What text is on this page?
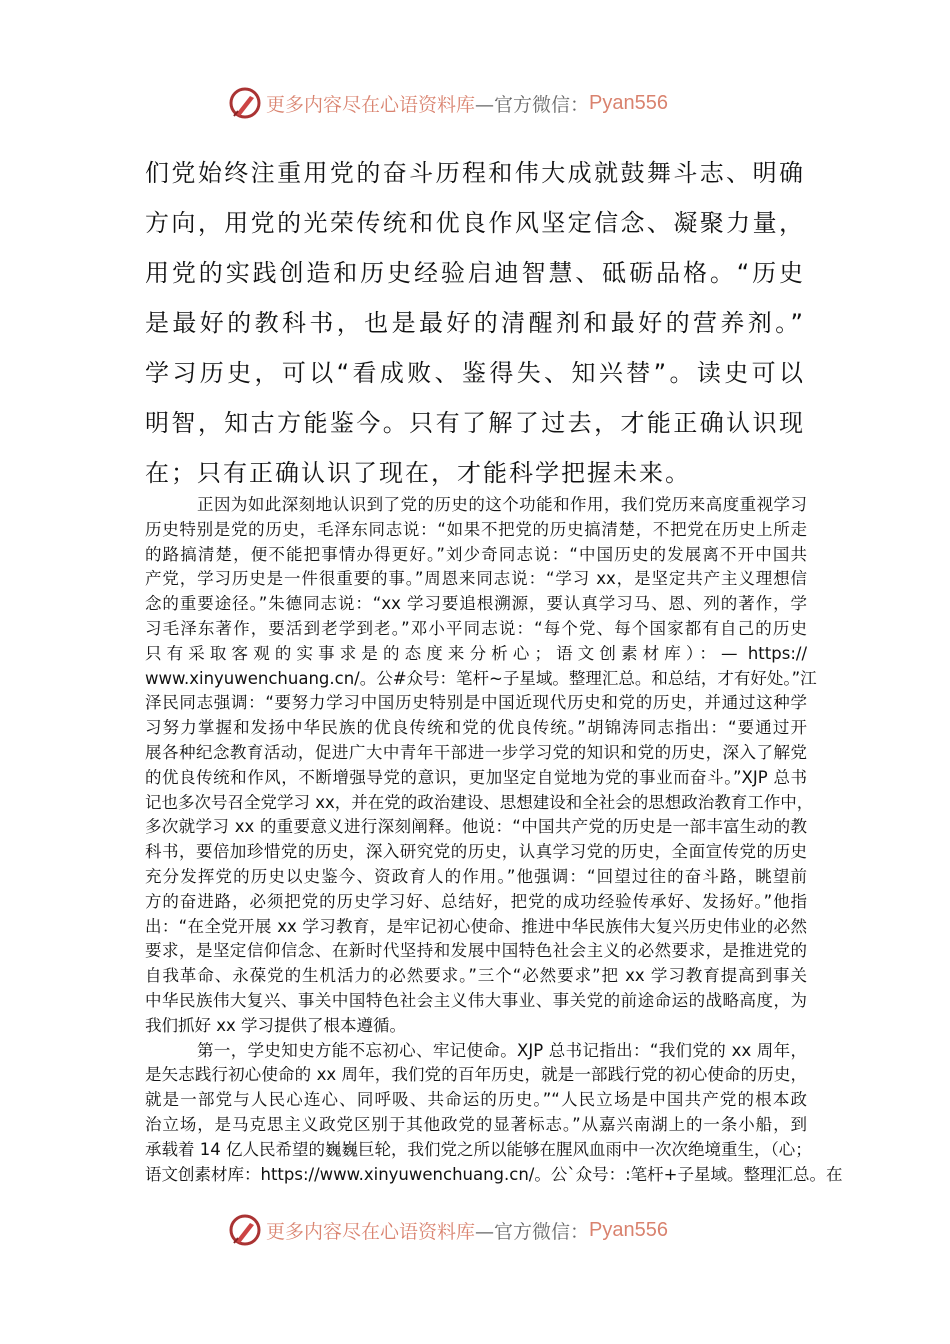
更多内容尽在心语资料库 —官方微信： Pyan556
们党始终注重用党的奋斗历程和伟大成就鼓舞斗志、明确
方向，用党的光荣传统和优良作风坚定信念、凝聚力量，
用党的实践创造和历史经验启迪智慧、砥砺品格。“历史
是最好的教科书，也是最好的清醒剂和最好的营养剂。”
学习历史，可以“看成败、鉴得失、知兴替”。读史可以
明智，知古方能鉴今。只有了解了过去，才能正确认识现
在；只有正确认识了现在，才能科学把握未来。
正因为如此深刻地认识到了党的历史的这个功能和作用，我们党历来高度重视学习
历史特别是党的历史，毛泽东同志说：“如果不把党的历史搞清楚，不把党在历史上所走
的路搞清楚，便不能把事情办得更好。”刘少奇同志说：“中国历史的发展离不开中国共
产党，学习历史是一件很重要的事。”周恩来同志说：“学习 xx，是坚定共产主义理想信
念的重要途径。”朱德同志说：“xx 学习要追根溯源，要认真学习马、恩、列的著作，学
习毛泽东著作，要活到老学到老。”邓小平同志说：“每个党、每个国家都有自己的历史
只有采取客观的实事求是的态度来分析心；语文创素材库）：— https://
www.xinyuwenchuang.cn/。公#众号：笔杆~子星域。整理汇总。和总结，才有好处。”江
泽民同志强调：“要努力学习中国历史特别是中国近现代历史和党的历史，并通过这种学
习努力掌握和发扬中华民族的优良传统和党的优良传统。”胡锦涛同志指出：“要通过开
展各种纪念教育活动，促进广大中青年干部进一步学习党的知识和党的历史，深入了解党
的优良传统和作风，不断增强导党的意识，更加坚定自觉地为党的事业而奋斗。”XJP 总书
记也多次号召全党学习 xx，并在党的政治建设、思想建设和全社会的思想政治教育工作中，
多次就学习 xx 的重要意义进行深刻阐释。他说：“中国共产党的历史是一部丰富生动的教
科书，要倍加珍惜党的历史，深入研究党的历史，认真学习党的历史，全面宣传党的历史
充分发挥党的历史以史鉴今、资政育人的作用。”他强调：“回望过往的奋斗路，眺望前
方的奋进路，必须把党的历史学习好、总结好，把党的成功经验传承好、发扬好。”他指
出：“在全党开展 xx 学习教育，是牢记初心使命、推进中华民族伟大复兴历史伟业的必然
要求，是坚定信仰信念、在新时代坚持和发展中国特色社会主义的必然要求，是推进党的
自我革命、永葆党的生机活力的必然要求。”三个“必然要求”把 xx 学习教育提高到事关
中华民族伟大复兴、事关中国特色社会主义伟大事业、事关党的前途命运的战略高度，为
我们抓好 xx 学习提供了根本遵循。
第一，学史知史方能不忘初心、牢记使命。XJP 总书记指出：“我们党的 xx 周年，
是矢志践行初心使命的 xx 周年，我们党的百年历史，就是一部践行党的初心使命的历史，
就是一部党与人民心连心、同呼吸、共命运的历史。”“人民立场是中国共产党的根本政
治立场，是马克思主义政党区别于其他政党的显著标志。”从嘉兴南湖上的一条小船，到
承载着 14 亿人民希望的巍巍巨轮，我们党之所以能够在腥风血雨中一次次绝境重生，（心；
语文创素材库：https://www.xinyuwenchuang.cn/。公`众号：:笔杆+子星域。整理汇总。在
更多内容尽在心语资料库 —官方微信： Pyan556
